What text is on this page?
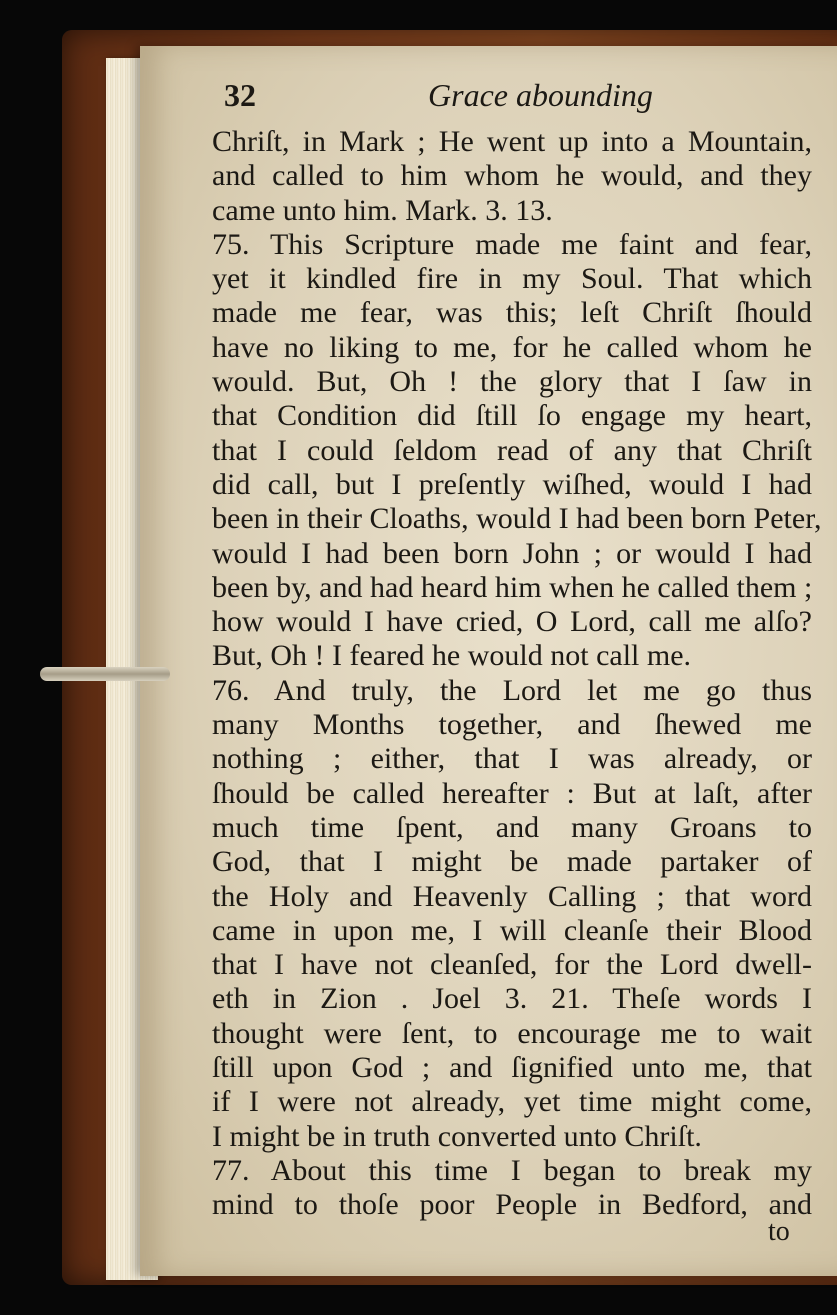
32	Grace abounding
Chriſt, in Mark ; He went up into a Mountain,
and called to him whom he would, and they
came unto him. Mark. 3. 13.
75. This Scripture made me faint and fear,
yet it kindled fire in my Soul. That which
made me fear, was this; leſt Chriſt ſhould
have no liking to me, for he called whom he
would. But, Oh ! the glory that I ſaw in
that Condition did ſtill ſo engage my heart,
that I could ſeldom read of any that Chriſt
did call, but I preſently wiſhed, would I had
been in their Cloaths, would I had been born Peter,
would I had been born John ; or would I had
been by, and had heard him when he called them ;
how would I have cried, O Lord, call me alſo?
But, Oh ! I feared he would not call me.
76. And truly, the Lord let me go thus
many Months together, and ſhewed me
nothing ; either, that I was already, or
ſhould be called hereafter : But at laſt, after
much time ſpent, and many Groans to
God, that I might be made partaker of
the Holy and Heavenly Calling ; that word
came in upon me, I will cleanſe their Blood
that I have not cleanſed, for the Lord dwell-
eth in Zion . Joel 3. 21. Theſe words I
thought were ſent, to encourage me to wait
ſtill upon God ; and ſignified unto me, that
if I were not already, yet time might come,
I might be in truth converted unto Chriſt.
77. About this time I began to break my
mind to thoſe poor People in Bedford, and
to
